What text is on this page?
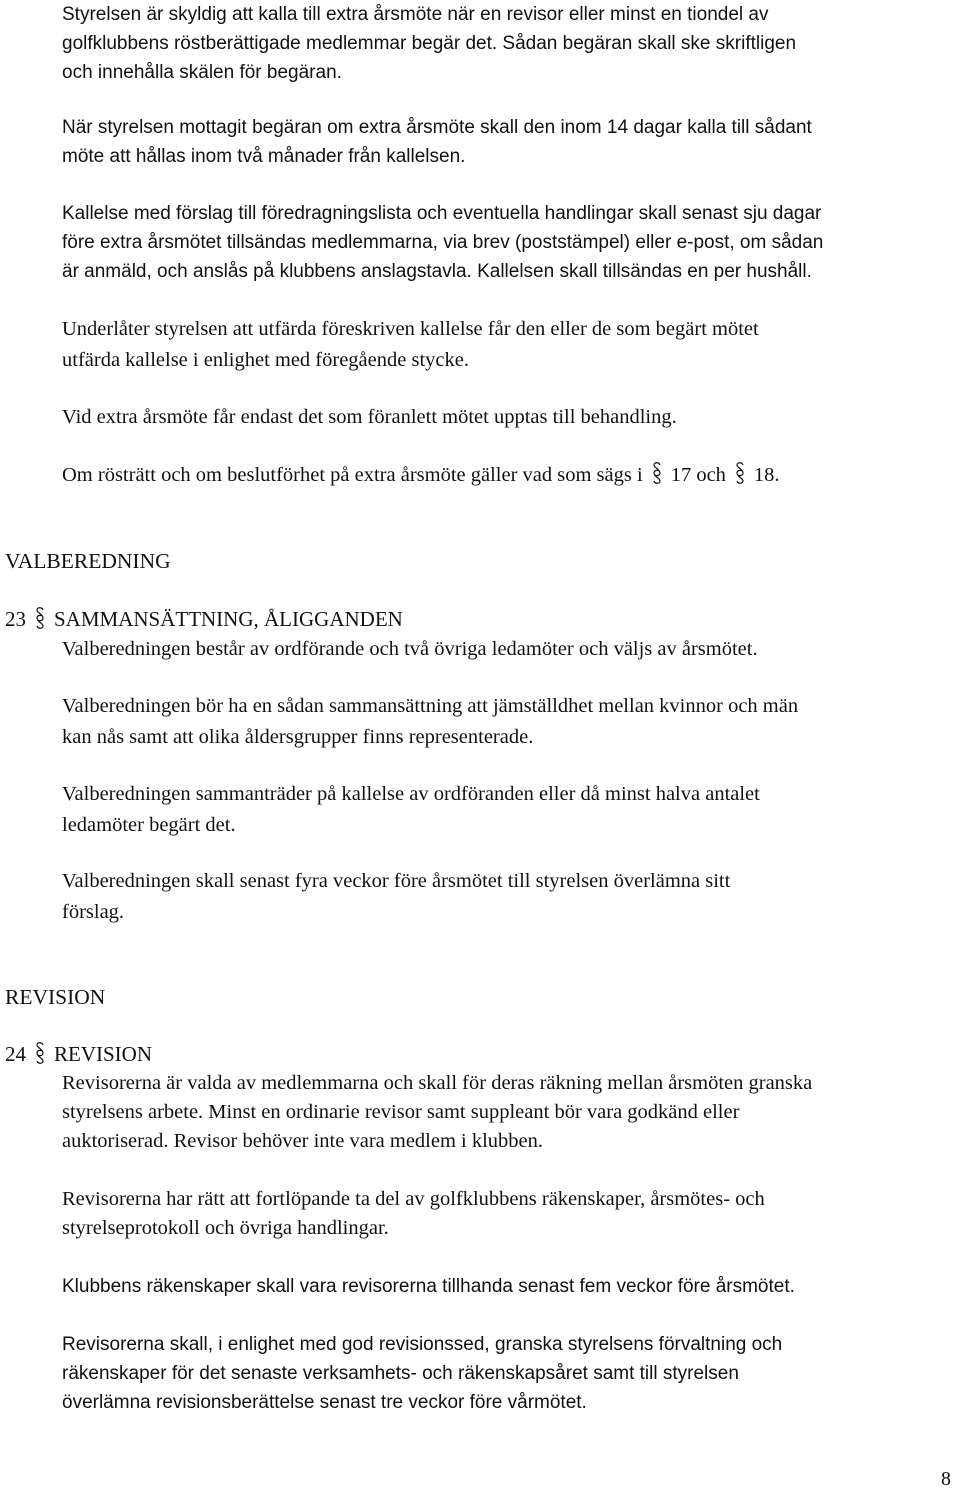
Styrelsen är skyldig att kalla till extra årsmöte när en revisor eller minst en tiondel av
golfklubbens röstberättigade medlemmar begär det. Sådan begäran skall ske skriftligen
och innehålla skälen för begäran.

När styrelsen mottagit begäran om extra årsmöte skall den inom 14 dagar kalla till sådant
möte att hållas inom två månader från kallelsen.

Kallelse med förslag till föredragningslista och eventuella handlingar skall senast sju dagar
före extra årsmötet tillsändas medlemmarna, via brev (poststämpel) eller e-post, om sådan
är anmäld, och anslås på klubbens anslagstavla. Kallelsen skall tillsändas en per hushåll.

Underlåter styrelsen att utfärda föreskriven kallelse får den eller de som begärt mötet
utfärda kallelse i enlighet med föregående stycke.

Vid extra årsmöte får endast det som föranlett mötet upptas till behandling.

Om rösträtt och om beslutförhet på extra årsmöte gäller vad som sägs i 17 och 18.

VALBEREDNING
23 SAMMANSÄTTNING, ÅLIGGANDEN

Valberedningen består av ordförande och två övriga ledamöter och väljs av årsmötet.

Valberedningen bör ha en sådan sammansättning att jämställdhet mellan kvinnor och män
kan nås samt att olika åldersgrupper finns representerade.

Valberedningen sammanträder på kallelse av ordföranden eller då minst halva antalet
ledamöter begärt det.

Valberedningen skall senast fyra veckor före årsmötet till styrelsen överlämna sitt
förslag.

REVISION
24 REVISION

Revisorerna är valda av medlemmarna och skall för deras räkning mellan årsmöten granska
styrelsens arbete. Minst en ordinarie revisor samt suppleant bör vara godkänd eller
auktoriserad. Revisor behöver inte vara medlem i klubben.

Revisorerna har rätt att fortlöpande ta del av golfklubbens räkenskaper, årsmötes- och
styrelseprotokoll och övriga handlingar.

Klubbens räkenskaper skall vara revisorerna tillhanda senast fem veckor före årsmötet.

Revisorerna skall, i enlighet med god revisionssed, granska styrelsens förvaltning och
räkenskaper för det senaste verksamhets- och räkenskapsåret samt till styrelsen
överlämna revisionsberättelse senast tre veckor före vårmötet.

8
